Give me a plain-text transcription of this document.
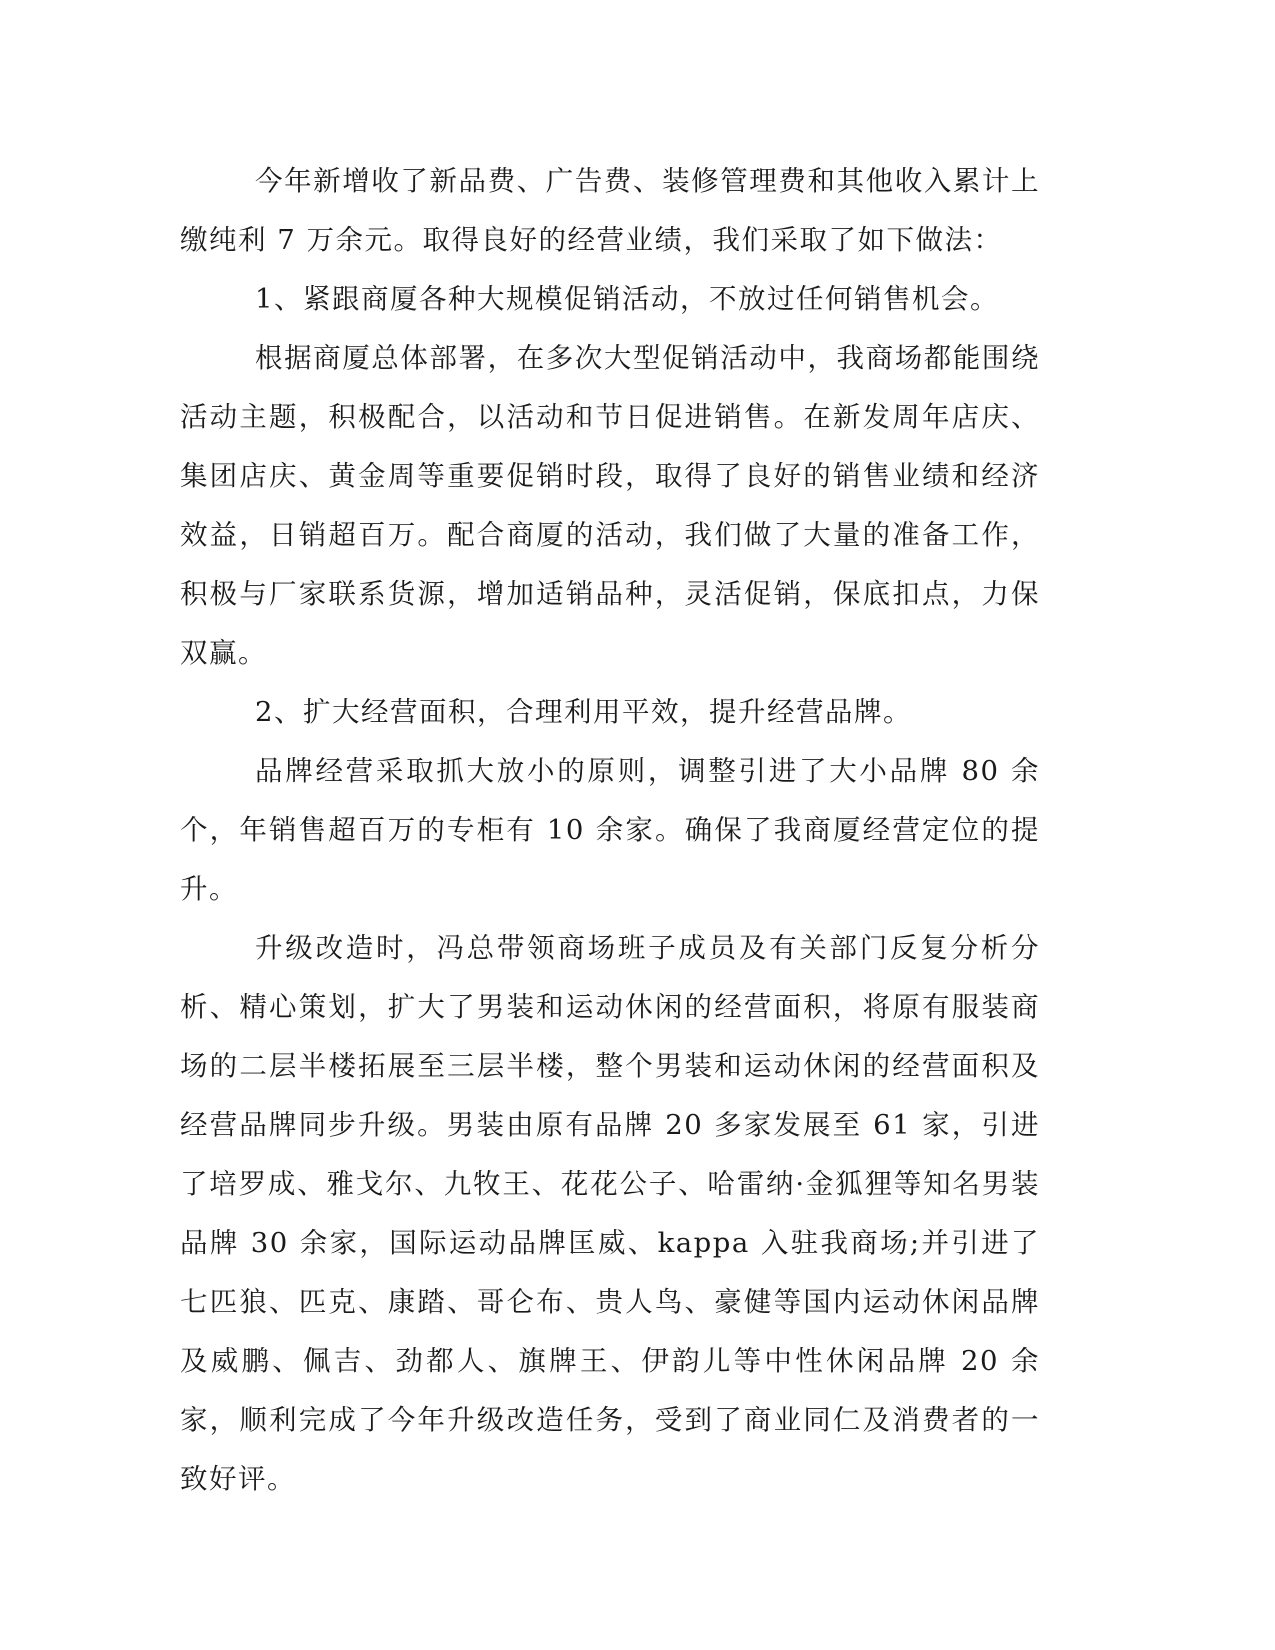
今年新增收了新品费、广告费、装修管理费和其他收入累计上缴纯利 7 万余元。取得良好的经营业绩，我们采取了如下做法：

1、紧跟商厦各种大规模促销活动，不放过任何销售机会。

根据商厦总体部署，在多次大型促销活动中，我商场都能围绕活动主题，积极配合，以活动和节日促进销售。在新发周年店庆、集团店庆、黄金周等重要促销时段，取得了良好的销售业绩和经济效益，日销超百万。配合商厦的活动，我们做了大量的准备工作，积极与厂家联系货源，增加适销品种，灵活促销，保底扣点，力保双赢。

2、扩大经营面积，合理利用平效，提升经营品牌。

品牌经营采取抓大放小的原则，调整引进了大小品牌 80 余个，年销售超百万的专柜有 10 余家。确保了我商厦经营定位的提升。

升级改造时，冯总带领商场班子成员及有关部门反复分析分析、精心策划，扩大了男装和运动休闲的经营面积，将原有服装商场的二层半楼拓展至三层半楼，整个男装和运动休闲的经营面积及经营品牌同步升级。男装由原有品牌 20 多家发展至 61 家，引进了培罗成、雅戈尔、九牧王、花花公子、哈雷纳·金狐狸等知名男装品牌 30 余家，国际运动品牌匡威、kappa 入驻我商场;并引进了七匹狼、匹克、康踏、哥仑布、贵人鸟、豪健等国内运动休闲品牌及威鹏、佩吉、劲都人、旗牌王、伊韵儿等中性休闲品牌 20 余家，顺利完成了今年升级改造任务，受到了商业同仁及消费者的一致好评。
